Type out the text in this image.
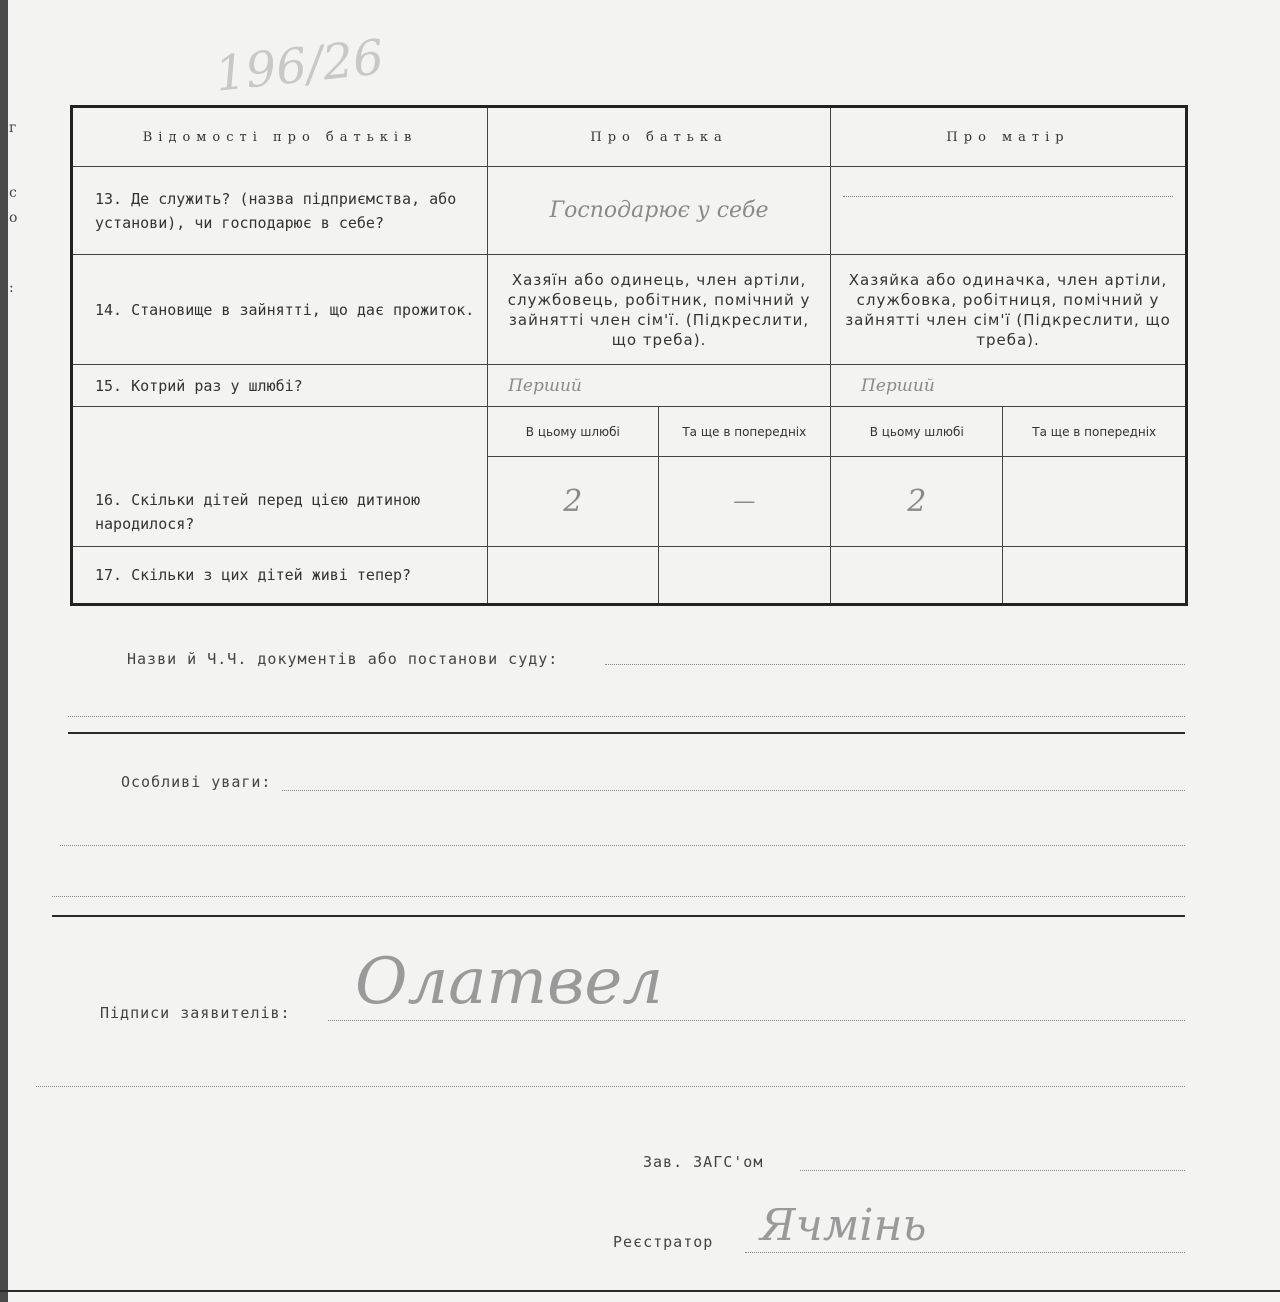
г
с
о
:
196/26
Відомості про батьків	Про батька		Про матір	
13. Де служить? (назва підприємства, або установи), чи господарює в себе?	Господарює у себе			

14. Становище в зайнятті, що дає прожиток.	Хазяїн або одинець, член артіли, службовець, робітник, помічний у зайнятті член сім'ї. (Підкреслити, що треба).		Хазяйка або одиначка, член артіли, службовка, робітниця, помічний у зайнятті член сім'ї (Підкреслити, що треба).	
15. Котрий раз у шлюбі?	Перший		Перший	
16. Скільки дітей перед цією дитиною народилося?	В цьому шлюбі	Та ще в попередніх	В цьому шлюбі	Та ще в попередніх
	2	—	2	
17. Скільки з цих дітей живі тепер?				
Назви й Ч.Ч. документів або постанови суду:
Особливі уваги:
Підписи заявителів: Олатвел
Зав. ЗАГС'ом
Реєстратор Ячмінь
